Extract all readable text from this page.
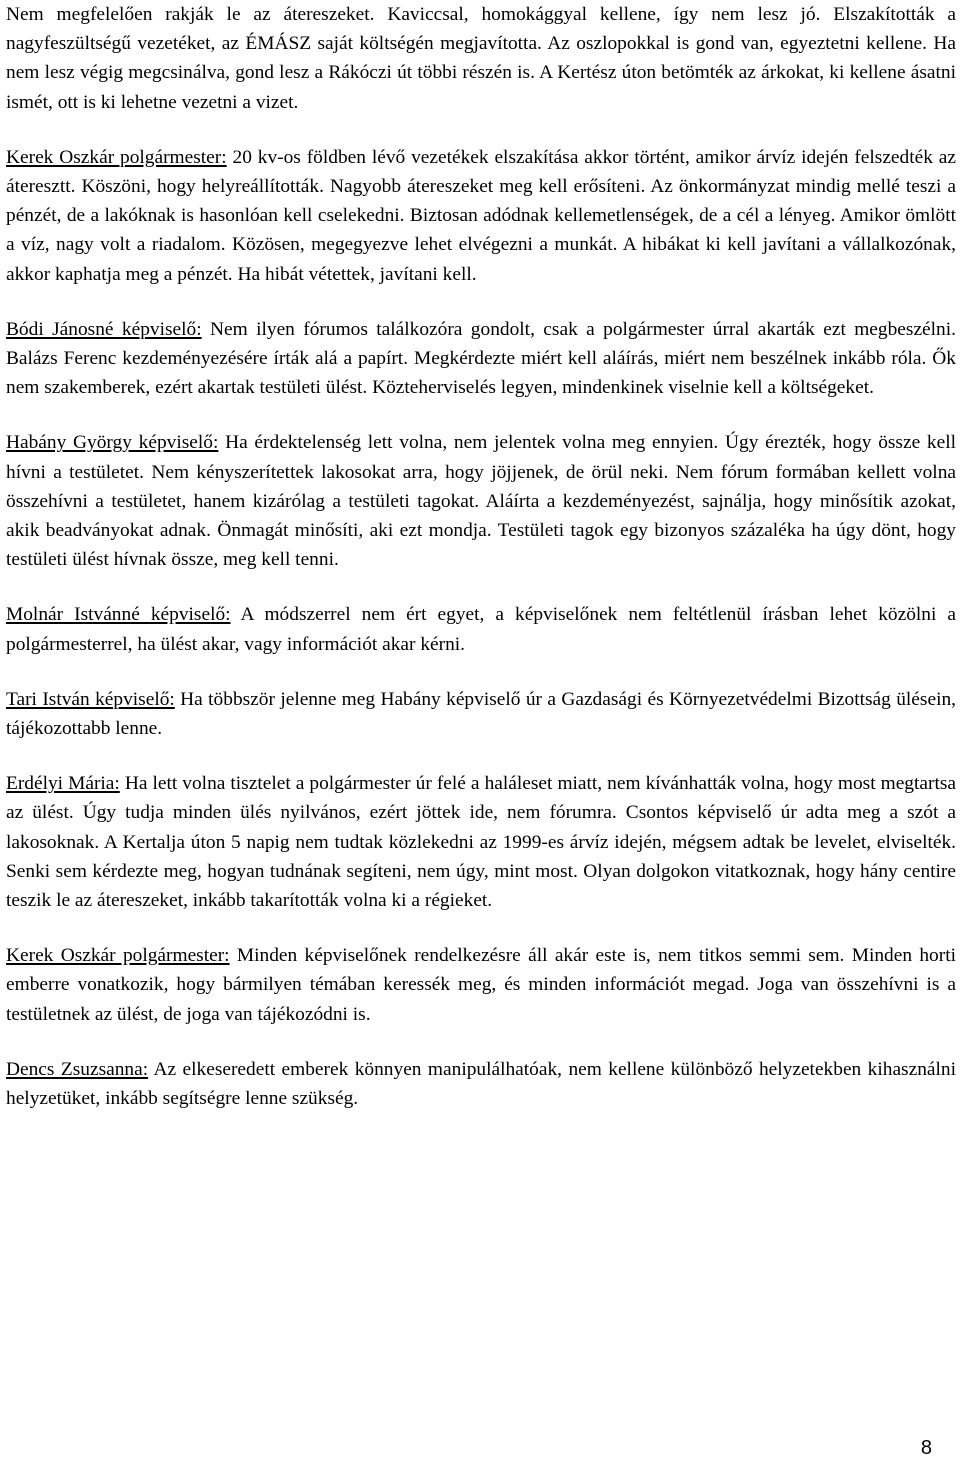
Nem megfelelően rakják le az átereszeket. Kaviccsal, homokággyal kellene, így nem lesz jó. Elszakították a nagyfeszültségű vezetéket, az ÉMÁSZ saját költségén megjavította. Az oszlopokkal is gond van, egyeztetni kellene. Ha nem lesz végig megcsinálva, gond lesz a Rákóczi út többi részén is. A Kertész úton betömték az árkokat, ki kellene ásatni ismét, ott is ki lehetne vezetni a vizet.

Kerek Oszkár polgármester: 20 kv-os földben lévő vezetékek elszakítása akkor történt, amikor árvíz idején felszedték az áteresztt. Köszöni, hogy helyreállították. Nagyobb átereszeket meg kell erősíteni. Az önkormányzat mindig mellé teszi a pénzét, de a lakóknak is hasonlóan kell cselekedni. Biztosan adódnak kellemetlenségek, de a cél a lényeg. Amikor ömlött a víz, nagy volt a riadalom. Közösen, megegyezve lehet elvégezni a munkát. A hibákat ki kell javítani a vállalkozónak, akkor kaphatja meg a pénzét. Ha hibát vétettek, javítani kell.

Bódi Jánosné képviselő: Nem ilyen fórumos találkozóra gondolt, csak a polgármester úrral akarták ezt megbeszélni. Balázs Ferenc kezdeményezésére írták alá a papírt. Megkérdezte miért kell aláírás, miért nem beszélnek inkább róla. Ők nem szakemberek, ezért akartak testületi ülést. Közteherviselés legyen, mindenkinek viselnie kell a költségeket.

Habány György képviselő: Ha érdektelenség lett volna, nem jelentek volna meg ennyien. Úgy érezték, hogy össze kell hívni a testületet. Nem kényszerítettek lakosokat arra, hogy jöjjenek, de örül neki. Nem fórum formában kellett volna összehívni a testületet, hanem kizárólag a testületi tagokat. Aláírta a kezdeményezést, sajnálja, hogy minősítik azokat, akik beadványokat adnak. Önmagát minősíti, aki ezt mondja. Testületi tagok egy bizonyos százaléka ha úgy dönt, hogy testületi ülést hívnak össze, meg kell tenni.

Molnár Istvánné képviselő: A módszerrel nem ért egyet, a képviselőnek nem feltétlenül írásban lehet közölni a polgármesterrel, ha ülést akar, vagy információt akar kérni.

Tari István képviselő: Ha többször jelenne meg Habány képviselő úr a Gazdasági és Környezetvédelmi Bizottság ülésein, tájékozottabb lenne.

Erdélyi Mária: Ha lett volna tisztelet a polgármester úr felé a haláleset miatt, nem kívánhatták volna, hogy most megtartsa az ülést. Úgy tudja minden ülés nyilvános, ezért jöttek ide, nem fórumra. Csontos képviselő úr adta meg a szót a lakosoknak. A Kertalja úton 5 napig nem tudtak közlekedni az 1999-es árvíz idején, mégsem adtak be levelet, elviselték. Senki sem kérdezte meg, hogyan tudnának segíteni, nem úgy, mint most. Olyan dolgokon vitatkoznak, hogy hány centire teszik le az átereszeket, inkább takarították volna ki a régieket.

Kerek Oszkár polgármester: Minden képviselőnek rendelkezésre áll akár este is, nem titkos semmi sem. Minden horti emberre vonatkozik, hogy bármilyen témában keressék meg, és minden információt megad. Joga van összehívni is a testületnek az ülést, de joga van tájékozódni is.

Dencs Zsuzsanna: Az elkeseredett emberek könnyen manipulálhatóak, nem kellene különböző helyzetekben kihasználni helyzetüket, inkább segítségre lenne szükség.

8
